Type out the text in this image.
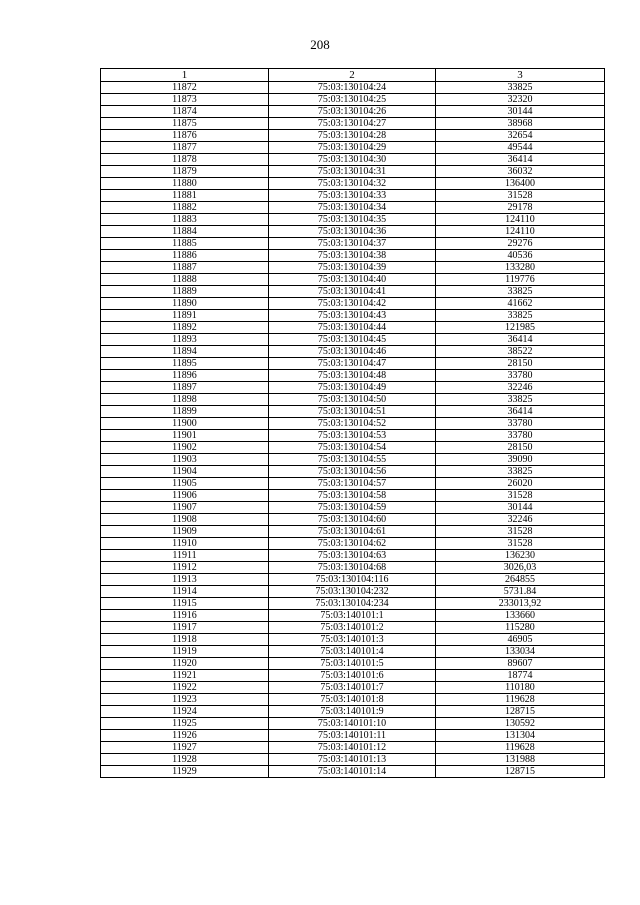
208
1	2	3
11872	75:03:130104:24	33825
11873	75:03:130104:25	32320
11874	75:03:130104:26	30144
11875	75:03:130104:27	38968
11876	75:03:130104:28	32654
11877	75:03:130104:29	49544
11878	75:03:130104:30	36414
11879	75:03:130104:31	36032
11880	75:03:130104:32	136400
11881	75:03:130104:33	31528
11882	75:03:130104:34	29178
11883	75:03:130104:35	124110
11884	75:03:130104:36	124110
11885	75:03:130104:37	29276
11886	75:03:130104:38	40536
11887	75:03:130104:39	133280
11888	75:03:130104:40	119776
11889	75:03:130104:41	33825
11890	75:03:130104:42	41662
11891	75:03:130104:43	33825
11892	75:03:130104:44	121985
11893	75:03:130104:45	36414
11894	75:03:130104:46	38522
11895	75:03:130104:47	28150
11896	75:03:130104:48	33780
11897	75:03:130104:49	32246
11898	75:03:130104:50	33825
11899	75:03:130104:51	36414
11900	75:03:130104:52	33780
11901	75:03:130104:53	33780
11902	75:03:130104:54	28150
11903	75:03:130104:55	39090
11904	75:03:130104:56	33825
11905	75:03:130104:57	26020
11906	75:03:130104:58	31528
11907	75:03:130104:59	30144
11908	75:03:130104:60	32246
11909	75:03:130104:61	31528
11910	75:03:130104:62	31528
11911	75:03:130104:63	136230
11912	75:03:130104:68	3026,03
11913	75:03:130104:116	264855
11914	75:03:130104:232	5731.84
11915	75:03:130104:234	233013,92
11916	75:03:140101:1	133660
11917	75:03:140101:2	115280
11918	75:03:140101:3	46905
11919	75:03:140101:4	133034
11920	75:03:140101:5	89607
11921	75:03:140101:6	18774
11922	75:03:140101:7	110180
11923	75:03:140101:8	119628
11924	75:03:140101:9	128715
11925	75:03:140101:10	130592
11926	75:03:140101:11	131304
11927	75:03:140101:12	119628
11928	75:03:140101:13	131988
11929	75:03:140101:14	128715
